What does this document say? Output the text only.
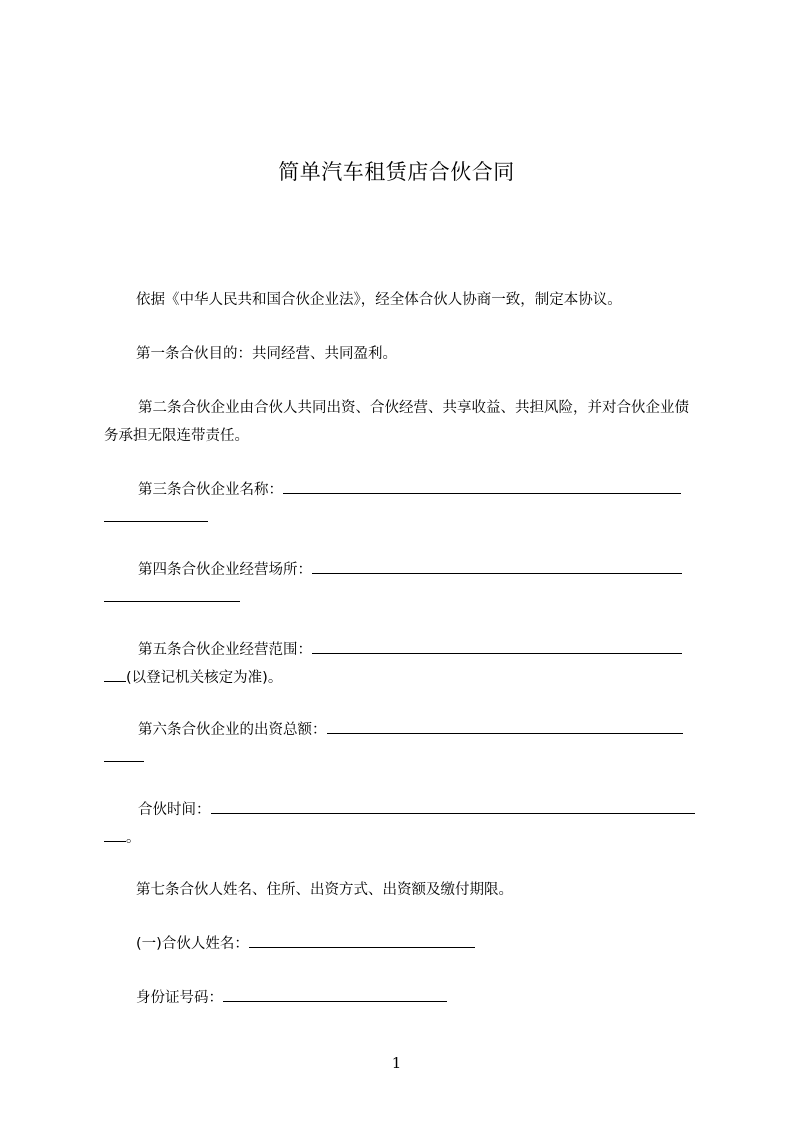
简单汽车租赁店合伙合同

依据《中华人民共和国合伙企业法》，经全体合伙人协商一致，制定本协议。

第一条合伙目的：共同经营、共同盈利。

第二条合伙企业由合伙人共同出资、合伙经营、共享收益、共担风险，并对合伙企业债务承担无限连带责任。

第三条合伙企业名称：
第四条合伙企业经营场所：
第五条合伙企业经营范围：
(以登记机关核定为准)。
第六条合伙企业的出资总额：
合伙时间：
。

第七条合伙人姓名、住所、出资方式、出资额及缴付期限。

(一)合伙人姓名：
身份证号码：
1
